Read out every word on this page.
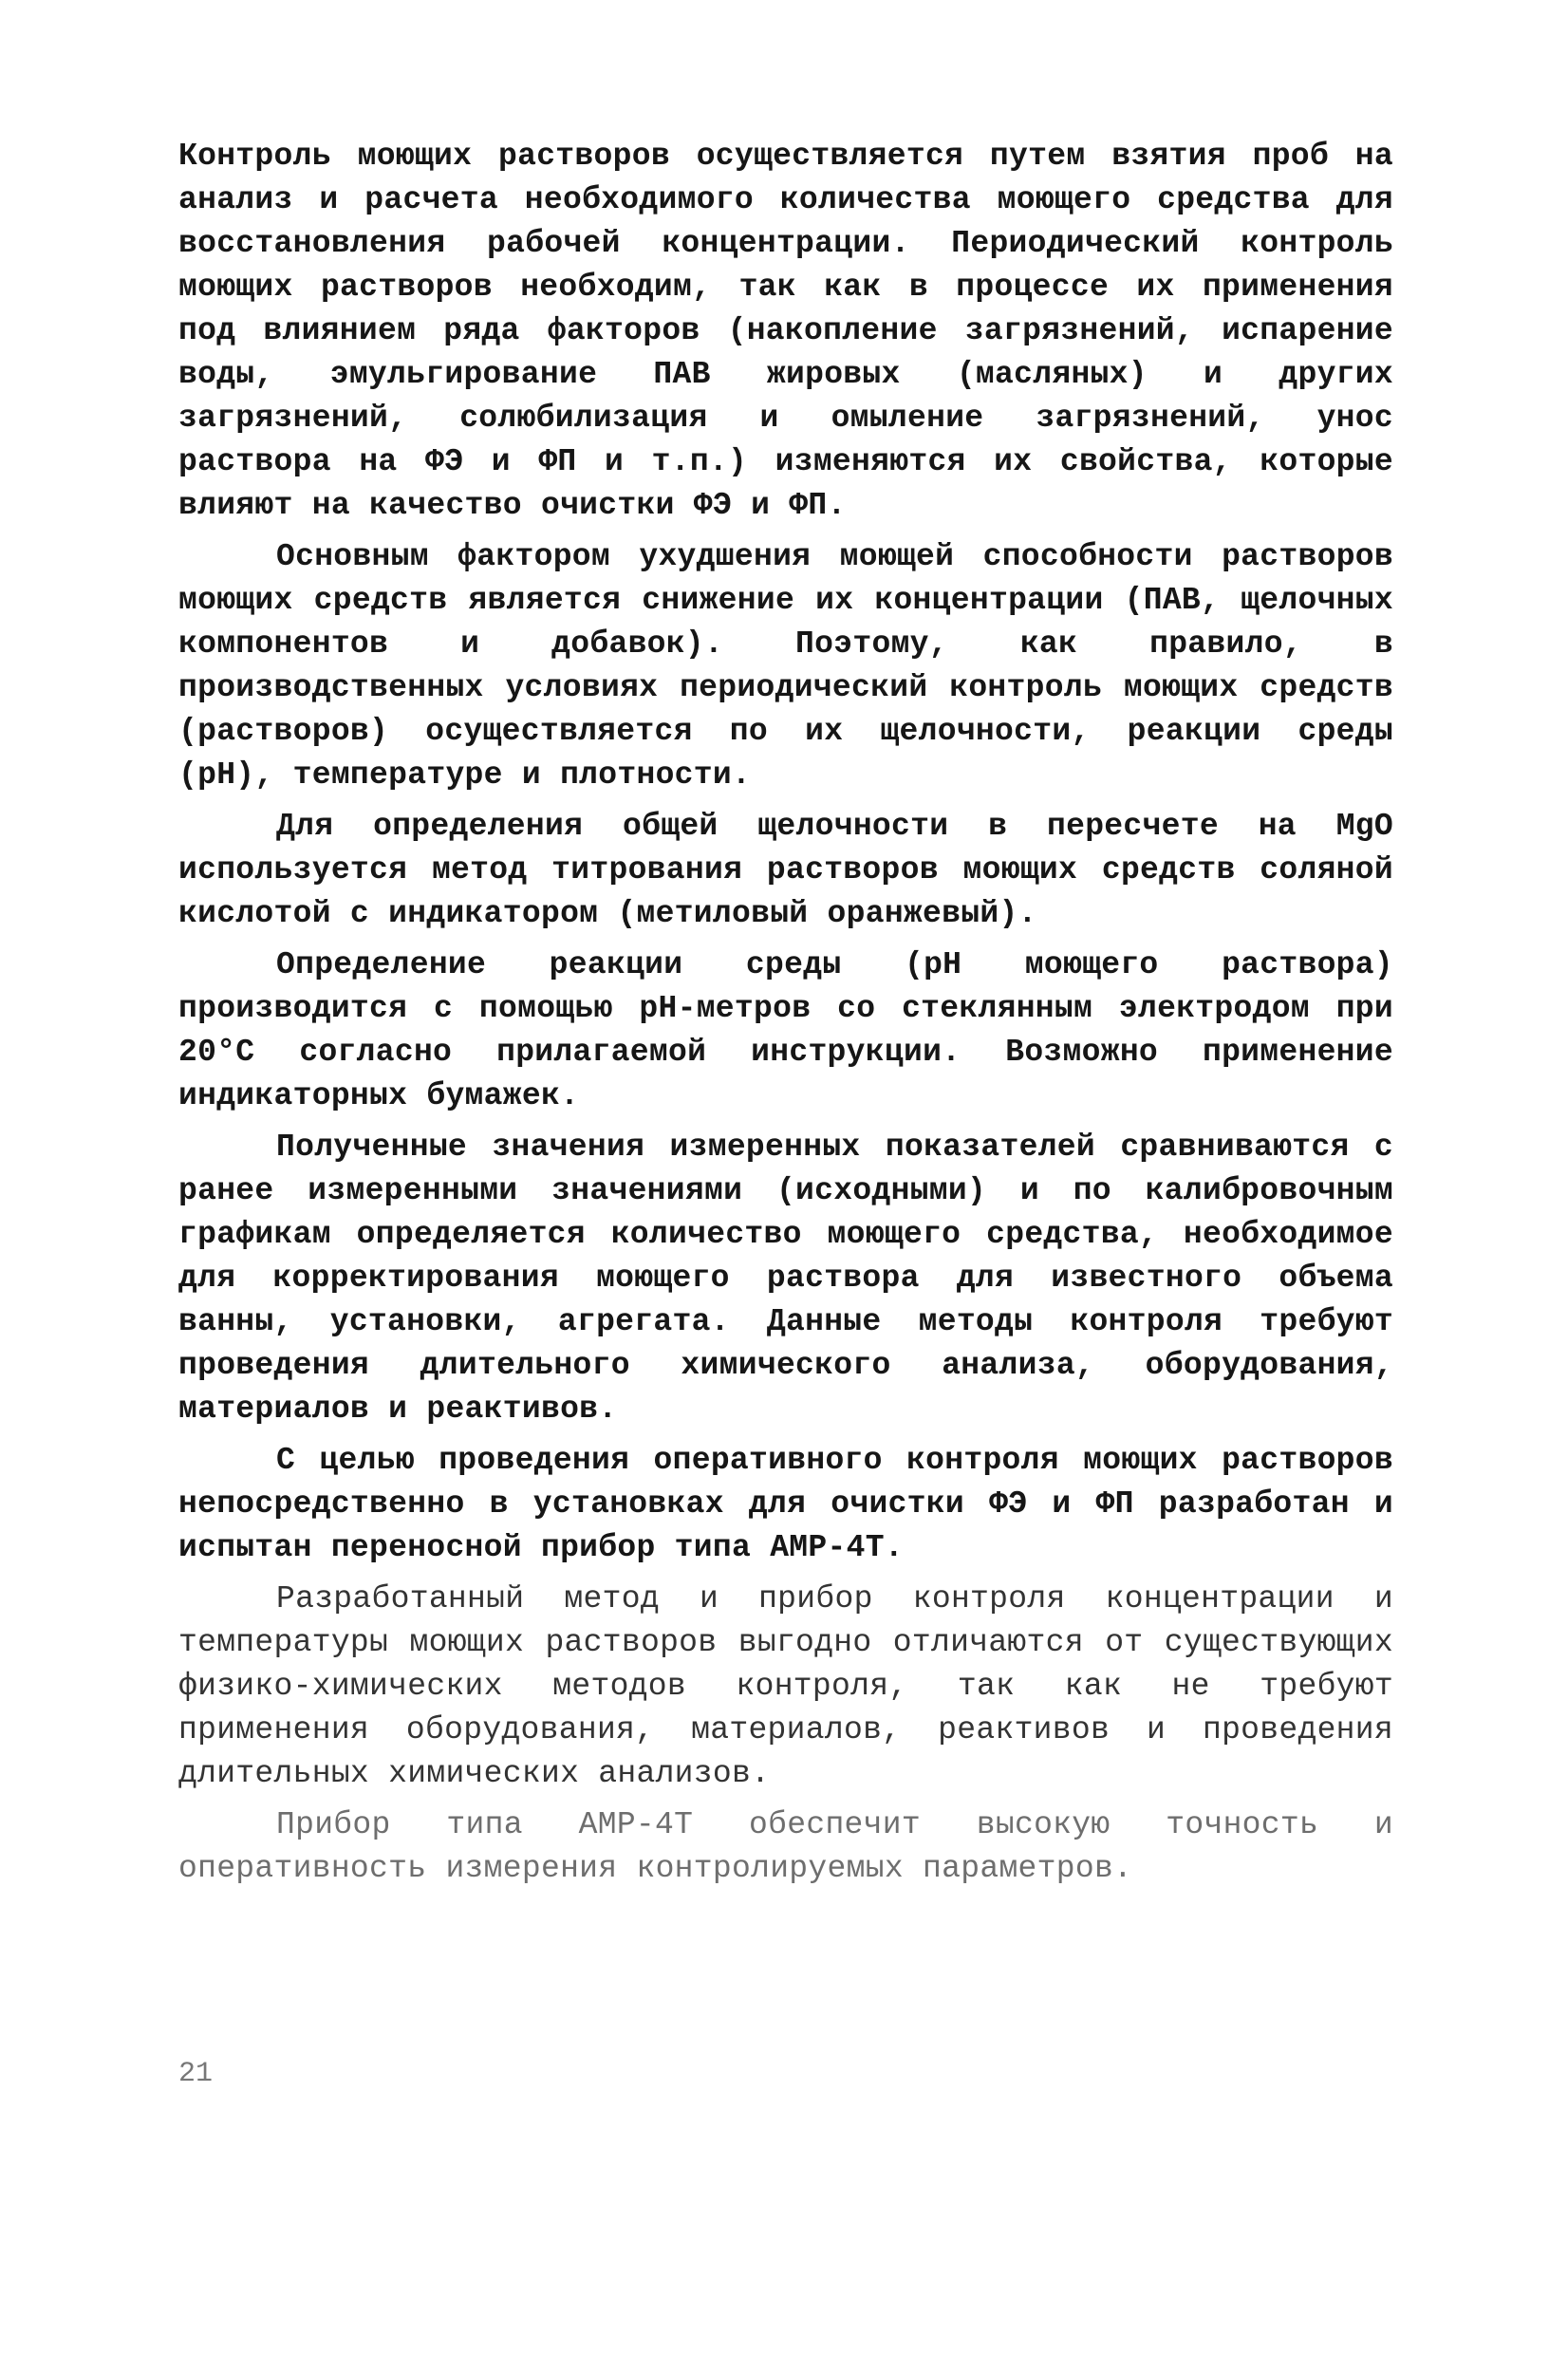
Контроль моющих растворов осуществляется путем взятия проб на анализ и расчета необходимого количества моющего средства для восстановления рабочей концентрации. Периодический контроль моющих растворов необходим, так как в процессе их применения под влиянием ряда факторов (накопление загрязнений, испарение воды, эмульгирование ПАВ жировых (масляных) и других загрязнений, солюбилизация и омыление загрязнений, унос раствора на ФЭ и ФП и т.п.) изменяются их свойства, которые влияют на качество очистки ФЭ и ФП.

Основным фактором ухудшения моющей способности растворов моющих средств является снижение их концентрации (ПАВ, щелочных компонентов и добавок). Поэтому, как правило, в производственных условиях периодический контроль моющих средств (растворов) осуществляется по их щелочности, реакции среды (рН), температуре и плотности.

Для определения общей щелочности в пересчете на MgO используется метод титрования растворов моющих средств соляной кислотой с индикатором (метиловый оранжевый).

Определение реакции среды (рН моющего раствора) производится с помощью рН-метров со стеклянным электродом при 20°С согласно прилагаемой инструкции. Возможно применение индикаторных бумажек.

Полученные значения измеренных показателей сравниваются с ранее измеренными значениями (исходными) и по калибровочным графикам определяется количество моющего средства, необходимое для корректирования моющего раствора для известного объема ванны, установки, агрегата. Данные методы контроля требуют проведения длительного химического анализа, оборудования, материалов и реактивов.

С целью проведения оперативного контроля моющих растворов непосредственно в установках для очистки ФЭ и ФП разработан и испытан переносной прибор типа АМР-4Т.

Разработанный метод и прибор контроля концентрации и температуры моющих растворов выгодно отличаются от существующих физико-химических методов контроля, так как не требуют применения оборудования, материалов, реактивов и проведения длительных химических анализов.

Прибор типа АМР-4Т обеспечит высокую точность и оперативность измерения контролируемых параметров.

21
